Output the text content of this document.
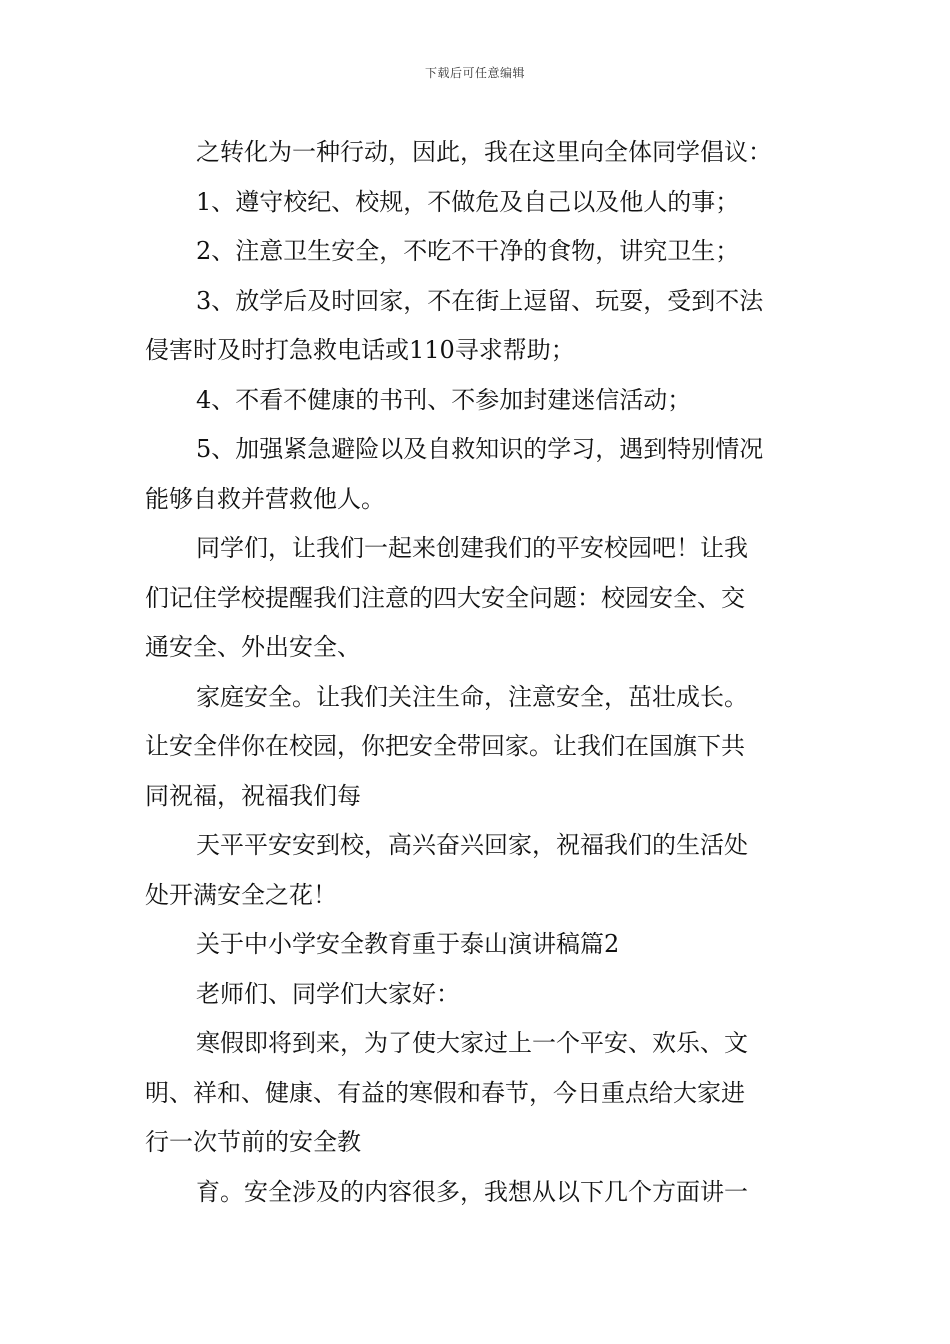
下载后可任意编辑
之转化为一种行动，因此，我在这里向全体同学倡议：
1、遵守校纪、校规，不做危及自己以及他人的事；
2、注意卫生安全，不吃不干净的食物，讲究卫生；
3、放学后及时回家，不在街上逗留、玩耍，受到不法
侵害时及时打急救电话或110寻求帮助；
4、不看不健康的书刊、不参加封建迷信活动；
5、加强紧急避险以及自救知识的学习，遇到特别情况
能够自救并营救他人。
同学们，让我们一起来创建我们的平安校园吧！让我
们记住学校提醒我们注意的四大安全问题：校园安全、交
通安全、外出安全、
家庭安全。让我们关注生命，注意安全，茁壮成长。
让安全伴你在校园，你把安全带回家。让我们在国旗下共
同祝福，祝福我们每
天平平安安到校，高兴奋兴回家，祝福我们的生活处
处开满安全之花！
关于中小学安全教育重于泰山演讲稿篇2
老师们、同学们大家好：
寒假即将到来，为了使大家过上一个平安、欢乐、文
明、祥和、健康、有益的寒假和春节，今日重点给大家进
行一次节前的安全教
育。安全涉及的内容很多，我想从以下几个方面讲一
